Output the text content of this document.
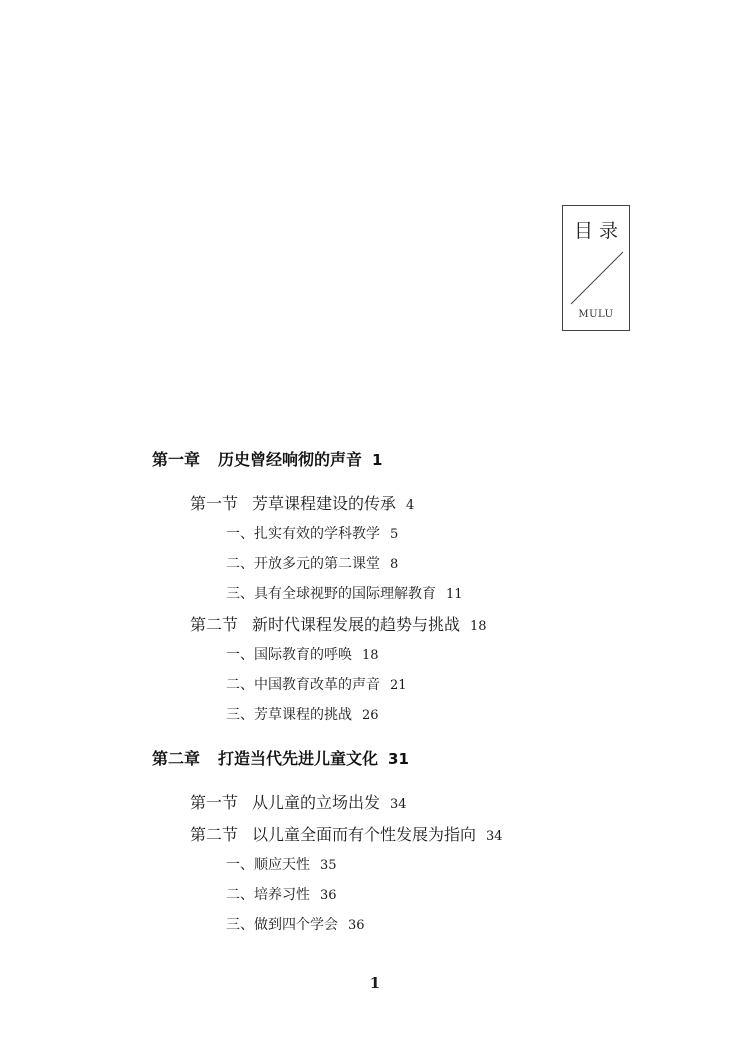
目录
MULU
第一章 历史曾经响彻的声音 1
第一节 芳草课程建设的传承 4
一、扎实有效的学科教学 5
二、开放多元的第二课堂 8
三、具有全球视野的国际理解教育 11
第二节 新时代课程发展的趋势与挑战 18
一、国际教育的呼唤 18
二、中国教育改革的声音 21
三、芳草课程的挑战 26
第二章 打造当代先进儿童文化 31
第一节 从儿童的立场出发 34
第二节 以儿童全面而有个性发展为指向 34
一、顺应天性 35
二、培养习性 36
三、做到四个学会 36
1
